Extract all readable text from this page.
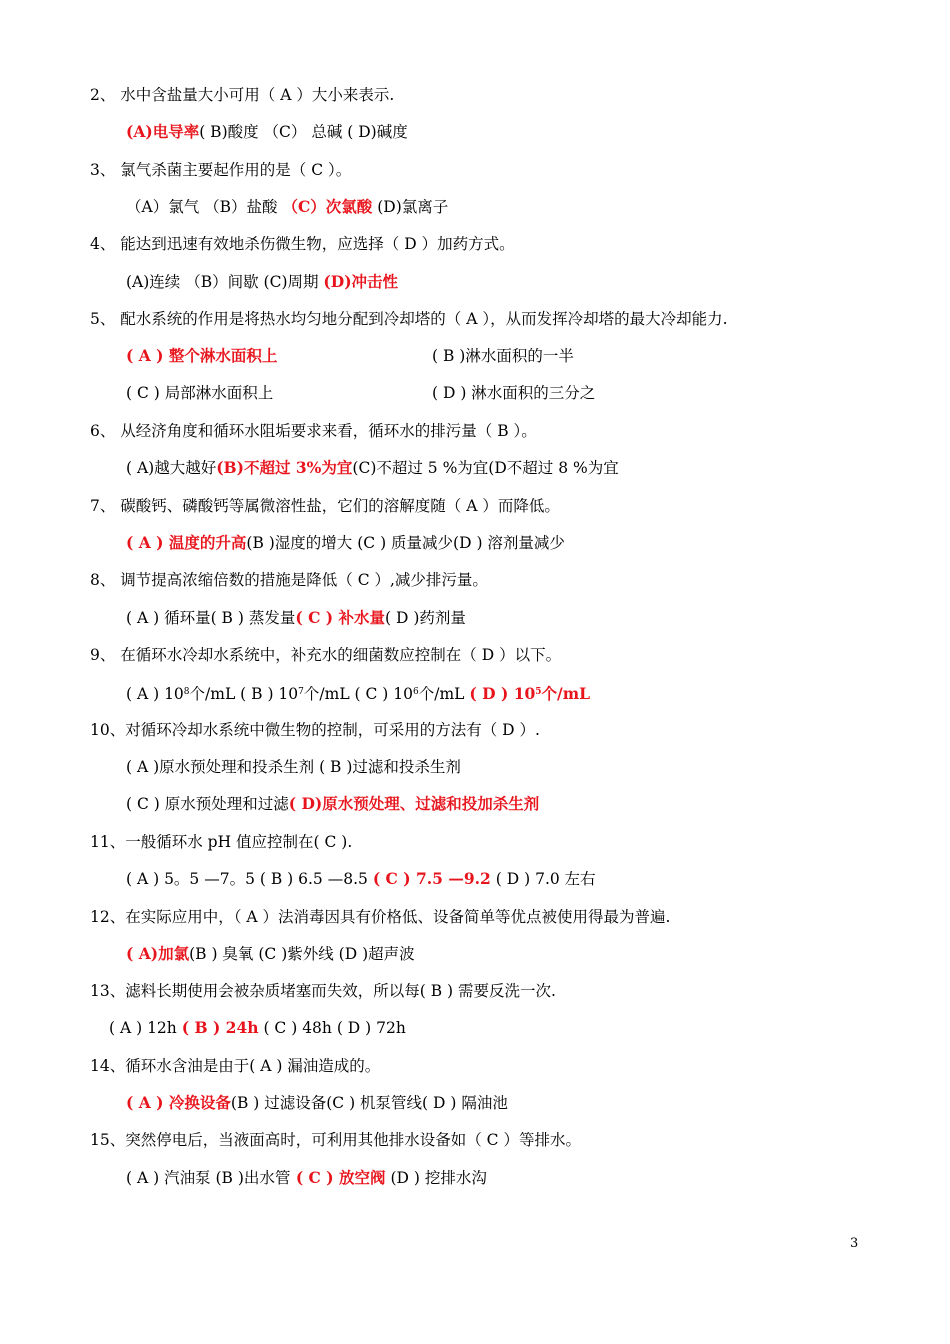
2、 水中含盐量大小可用（ A ）大小来表示.
(A)电导率( B)酸度 （C） 总碱 ( D)碱度
3、 氯气杀菌主要起作用的是（ C ）。
（A）氯气 （B）盐酸 （C）次氯酸 (D)氯离子
4、 能达到迅速有效地杀伤微生物，应选择（ D ）加药方式。
(A)连续 （B）间歇 (C)周期 (D)冲击性
5、 配水系统的作用是将热水均匀地分配到冷却塔的（ A ），从而发挥冷却塔的最大冷却能力.
( A ) 整个淋水面积上	( B )淋水面积的一半
( C ) 局部淋水面积上	( D ) 淋水面积的三分之
6、 从经济角度和循环水阻垢要求来看，循环水的排污量（ B ）。
( A)越大越好(B)不超过 3%为宜(C)不超过 5 %为宜(D不超过 8 %为宜
7、 碳酸钙、磷酸钙等属微溶性盐，它们的溶解度随（ A ）而降低。
( A ) 温度的升高(B )湿度的增大 (C ) 质量减少(D ) 溶剂量减少
8、 调节提高浓缩倍数的措施是降低（ C ）,减少排污量。
( A ) 循环量( B ) 蒸发量( C ) 补水量( D )药剂量
9、 在循环水冷却水系统中，补充水的细菌数应控制在（ D ）以下。
( A ) $10^8$个/mL ( B ) $10^7$个/mL ( C ) $10^6$个/mL ( D ) $10^5$个/mL
10、对循环冷却水系统中微生物的控制，可采用的方法有（ D ）.
( A )原水预处理和投杀生剂 ( B )过滤和投杀生剂
( C ) 原水预处理和过滤( D)原水预处理、过滤和投加杀生剂
11、一般循环水 pH 值应控制在( C ).
( A ) 5。5 —7。5 ( B ) 6.5 —8.5 ( C ) 7.5 —9.2 ( D ) 7.0 左右
12、在实际应用中，（ A ）法消毒因具有价格低、设备简单等优点被使用得最为普遍.
( A)加氯(B ) 臭氧 (C )紫外线 (D )超声波
13、滤料长期使用会被杂质堵塞而失效，所以每( B ) 需要反洗一次.
( A ) 12h ( B ) 24h ( C ) 48h ( D ) 72h
14、循环水含油是由于( A ) 漏油造成的。
( A ) 冷换设备(B ) 过滤设备(C ) 机泵管线( D ) 隔油池
15、突然停电后，当液面高时，可利用其他排水设备如（ C ）等排水。
( A ) 汽油泵 (B )出水管 ( C ) 放空阀 (D ) 挖排水沟
3
